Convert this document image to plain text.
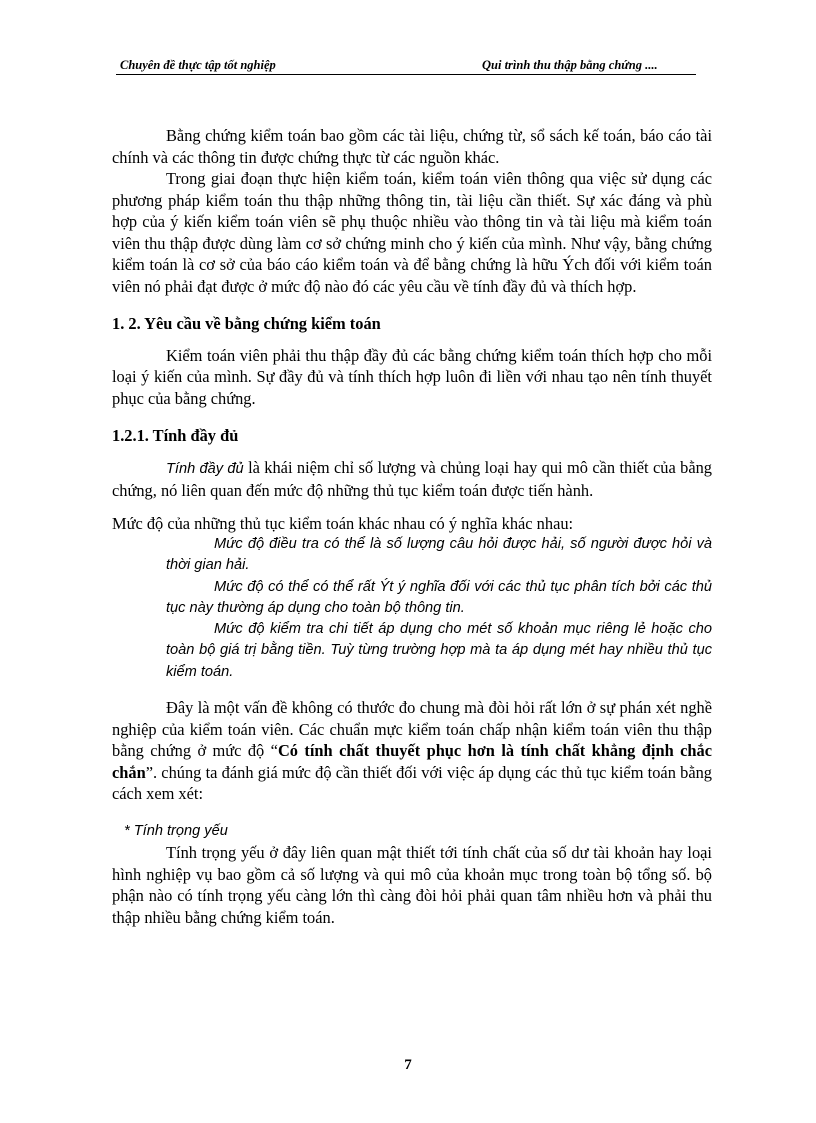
Chuyên đề thực tập tốt nghiệp	Qui trình thu thập bằng chứng ....

Bằng chứng kiểm toán bao gồm các tài liệu, chứng từ, sổ sách kế toán, báo cáo tài chính và các thông tin được chứng thực từ các nguồn khác.

Trong giai đoạn thực hiện kiểm toán, kiểm toán viên thông qua việc sử dụng các phương pháp kiểm toán thu thập những thông tin, tài liệu cần thiết. Sự xác đáng và phù hợp của ý kiến kiểm toán viên sẽ phụ thuộc nhiều vào thông tin và tài liệu mà kiểm toán viên thu thập được dùng làm cơ sở chứng minh cho ý kiến của mình. Như vậy, bằng chứng kiểm toán là cơ sở của báo cáo kiểm toán và để bằng chứng là hữu Ých đối với kiểm toán viên nó phải đạt được ở mức độ nào đó các yêu cầu về tính đầy đủ và thích hợp.

1. 2. Yêu cầu về bằng chứng kiểm toán

Kiểm toán viên phải thu thập đầy đủ các bằng chứng kiểm toán thích hợp cho mỗi loại ý kiến của mình. Sự đầy đủ và tính thích hợp luôn đi liền với nhau tạo nên tính thuyết phục của bằng chứng.

1.2.1. Tính đầy đủ

Tính đầy đủ là khái niệm chỉ số lượng và chủng loại hay qui mô cần thiết của bằng chứng, nó liên quan đến mức độ những thủ tục kiểm toán được tiến hành.

Mức độ của những thủ tục kiểm toán khác nhau có ý nghĩa khác nhau:

Mức độ điều tra có thể là số lượng câu hỏi được hải, số người được hỏi và thời gian hải.

Mức độ có thể có thể rất Ýt ý nghĩa đối với các thủ tục phân tích bởi các thủ tục này thường áp dụng cho toàn bộ thông tin.

Mức độ kiểm tra chi tiết áp dụng cho mét số khoản mục riêng lẻ hoặc cho toàn bộ giá trị bằng tiền. Tuỳ từng trường hợp mà ta áp dụng mét hay nhiều thủ tục kiểm toán.

Đây là một vấn đề không có thước đo chung mà đòi hỏi rất lớn ở sự phán xét nghề nghiệp của kiểm toán viên. Các chuẩn mực kiểm toán chấp nhận kiểm toán viên thu thập bằng chứng ở mức độ “Có tính chất thuyết phục hơn là tính chất khẳng định chắc chắn”. chúng ta đánh giá mức độ cần thiết đối với việc áp dụng các thủ tục kiểm toán bằng cách xem xét:

* Tính trọng yếu

Tính trọng yếu ở đây liên quan mật thiết tới tính chất của số dư tài khoản hay loại hình nghiệp vụ bao gồm cả số lượng và qui mô của khoản mục trong toàn bộ tổng số. bộ phận nào có tính trọng yếu càng lớn thì càng đòi hỏi phải quan tâm nhiều hơn và phải thu thập nhiều bằng chứng kiểm toán.

7
